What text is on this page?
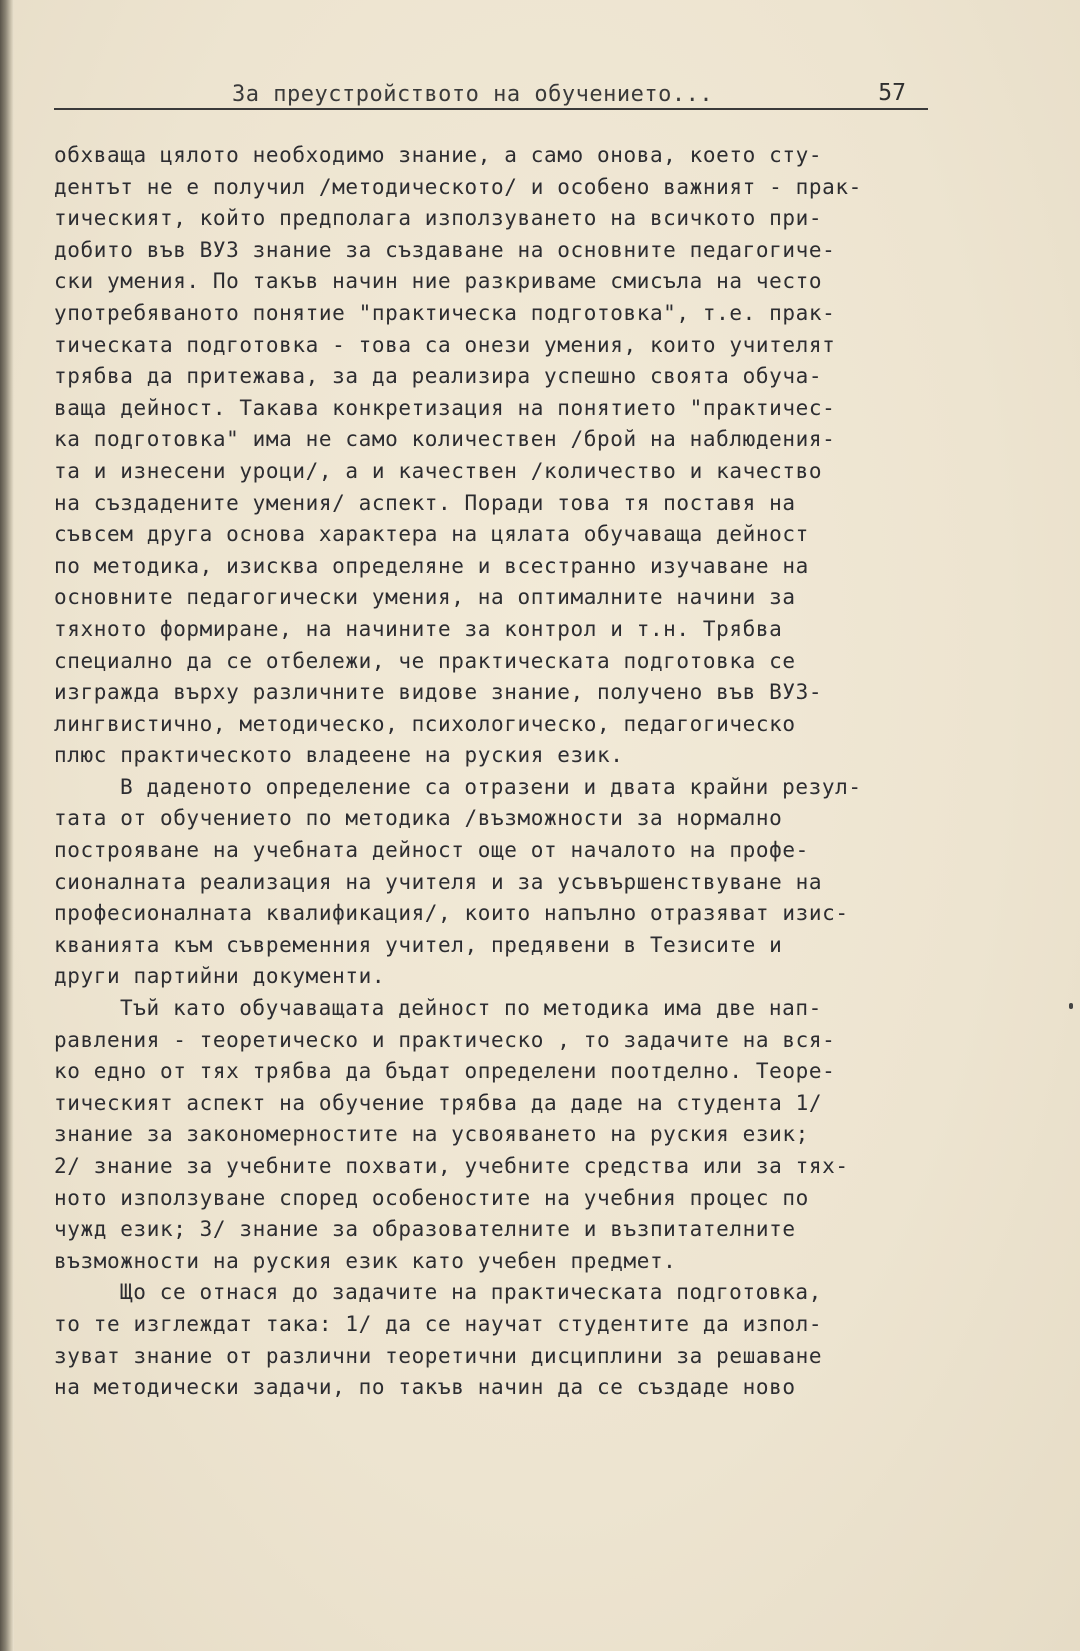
За преустройството на обучението...	57
обхваща цялото необходимо знание, а само онова, което сту-
дентът не е получил /методическото/ и особено важният - прак-
тическият, който предполага използуването на всичкото при-
добито във ВУЗ знание за създаване на основните педагогиче-
ски умения. По такъв начин ние разкриваме смисъла на често
употребяваното понятие "практическа подготовка", т.е. прак-
тическата подготовка - това са онези умения, които учителят
трябва да притежава, за да реализира успешно своята обуча-
ваща дейност. Такава конкретизация на понятието "практичес-
ка подготовка" има не само количествен /брой на наблюдения-
та и изнесени уроци/, а и качествен /количество и качество
на създадените умения/ аспект. Поради това тя поставя на
съвсем друга основа характера на цялата обучаваща дейност
по методика, изисква определяне и всестранно изучаване на
основните педагогически умения, на оптималните начини за
тяхното формиране, на начините за контрол и т.н. Трябва
специално да се отбележи, че практическата подготовка се
изгражда върху различните видове знание, получено във ВУЗ-
лингвистично, методическо, психологическо, педагогическо
плюс практическото владеене на руския език.
В даденото определение са отразени и двата крайни резул-
тата от обучението по методика /възможности за нормално
построяване на учебната дейност още от началото на профе-
сионалната реализация на учителя и за усъвършенствуване на
професионалната квалификация/, които напълно отразяват изис-
кванията към съвременния учител, предявени в Тезисите и
други партийни документи.
Тъй като обучаващата дейност по методика има две нап-
равления - теоретическо и практическо , то задачите на вся-
ко едно от тях трябва да бъдат определени поотделно. Теоре-
тическият аспект на обучение трябва да даде на студента 1/
знание за закономерностите на усвояването на руския език;
2/ знание за учебните похвати, учебните средства или за тях-
ното използуване според особеностите на учебния процес по
чужд език; 3/ знание за образователните и възпитателните
възможности на руския език като учебен предмет.
Що се отнася до задачите на практическата подготовка,
то те изглеждат така: 1/ да се научат студентите да изпол-
зуват знание от различни теоретични дисциплини за решаване
на методически задачи, по такъв начин да се създаде ново
